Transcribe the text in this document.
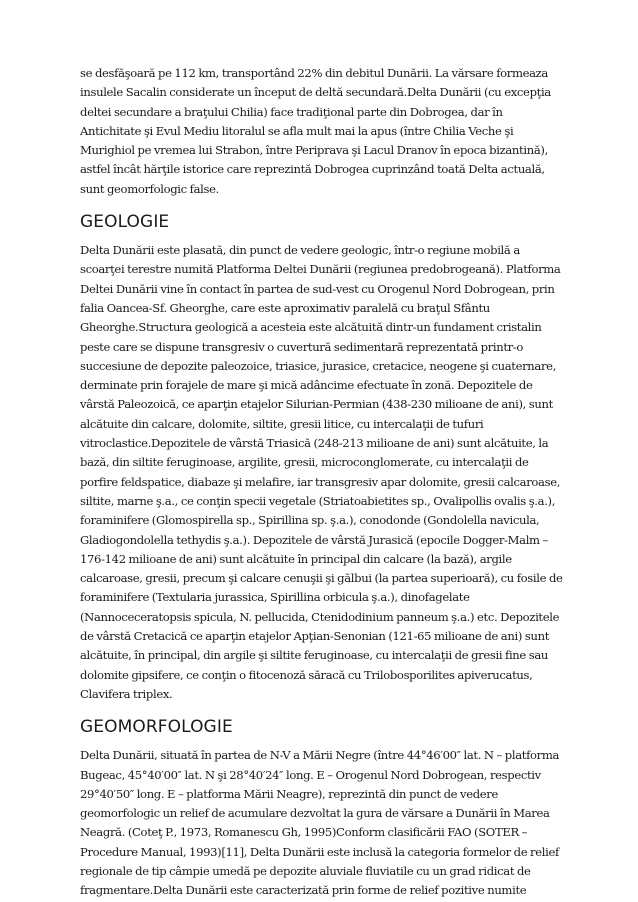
se desfăşoară pe 112 km, transportând 22% din debitul Dunării. La vărsare formeaza insulele Sacalin considerate un început de deltă secundară.Delta Dunării (cu excepţia deltei secundare a braţului Chilia) face tradiţional parte din Dobrogea, dar în Antichitate şi Evul Mediu litoralul se afla mult mai la apus (între Chilia Veche şi Murighiol pe vremea lui Strabon, între Periprava şi Lacul Dranov în epoca bizantină), astfel încât hărţile istorice care reprezintă Dobrogea cuprinzând toată Delta actuală, sunt geomorfologic false.

GEOLOGIE

Delta Dunării este plasată, din punct de vedere geologic, într-o regiune mobilă a scoarţei terestre numită Platforma Deltei Dunării (regiunea predobrogeană). Platforma Deltei Dunării vine în contact în partea de sud-vest cu Orogenul Nord Dobrogean, prin falia Oancea-Sf. Gheorghe, care este aproximativ paralelă cu braţul Sfântu Gheorghe.Structura geologică a acesteia este alcătuită dintr-un fundament cristalin peste care se dispune transgresiv o cuvertură sedimentară reprezentată printr-o succesiune de depozite paleozoice, triasice, jurasice, cretacice, neogene şi cuaternare, derminate prin forajele de mare şi mică adâncime efectuate în zonă. Depozitele de vârstă Paleozoică, ce aparţin etajelor Silurian-Permian (438-230 milioane de ani), sunt alcătuite din calcare, dolomite, siltite, gresii litice, cu intercalaţii de tufuri vitroclastice.Depozitele de vârstă Triasică (248-213 milioane de ani) sunt alcătuite, la bază, din siltite feruginoase, argilite, gresii, microconglomerate, cu intercalaţii de porfire feldspatice, diabaze şi melafire, iar transgresiv apar dolomite, gresii calcaroase, siltite, marne ş.a., ce conţin specii vegetale (Striatoabietites sp., Ovalipollis ovalis ş.a.), foraminifere (Glomospirella sp., Spirillina sp. ş.a.), conodonde (Gondolella navicula, Gladiogondolella tethydis ş.a.). Depozitele de vârstă Jurasică (epocile Dogger-Malm – 176-142 milioane de ani) sunt alcătuite în principal din calcare (la bază), argile calcaroase, gresii, precum şi calcare cenuşii şi gălbui (la partea superioară), cu fosile de foraminifere (Textularia jurassica, Spirillina orbicula ş.a.), dinofagelate (Nannoceceratopsis spicula, N. pellucida, Ctenidodinium panneum ş.a.) etc. Depozitele de vârstă Cretacică ce aparţin etajelor Apţian-Senonian (121-65 milioane de ani) sunt alcătuite, în principal, din argile şi siltite feruginoase, cu intercalaţii de gresii fine sau dolomite gipsifere, ce conţin o fitocenoză săracă cu Trilobosporilites apiverucatus, Clavifera triplex.

GEOMORFOLOGIE

Delta Dunării, situată în partea de N-V a Mării Negre (între 44°46′00″ lat. N – platforma Bugeac, 45°40′00″ lat. N şi 28°40′24″ long. E – Orogenul Nord Dobrogean, respectiv 29°40′50″ long. E – platforma Mării Neagre), reprezintă din punct de vedere geomorfologic un relief de acumulare dezvoltat la gura de vărsare a Dunării în Marea Neagră. (Coteţ P., 1973, Romanescu Gh, 1995)Conform clasificării FAO (SOTER – Procedure Manual, 1993)[11], Delta Dunării este inclusă la categoria formelor de relief regionale de tip câmpie umedă pe depozite aluviale fluviatile cu un grad ridicat de fragmentare.Delta Dunării este caracterizată prin forme de relief pozitive numite
